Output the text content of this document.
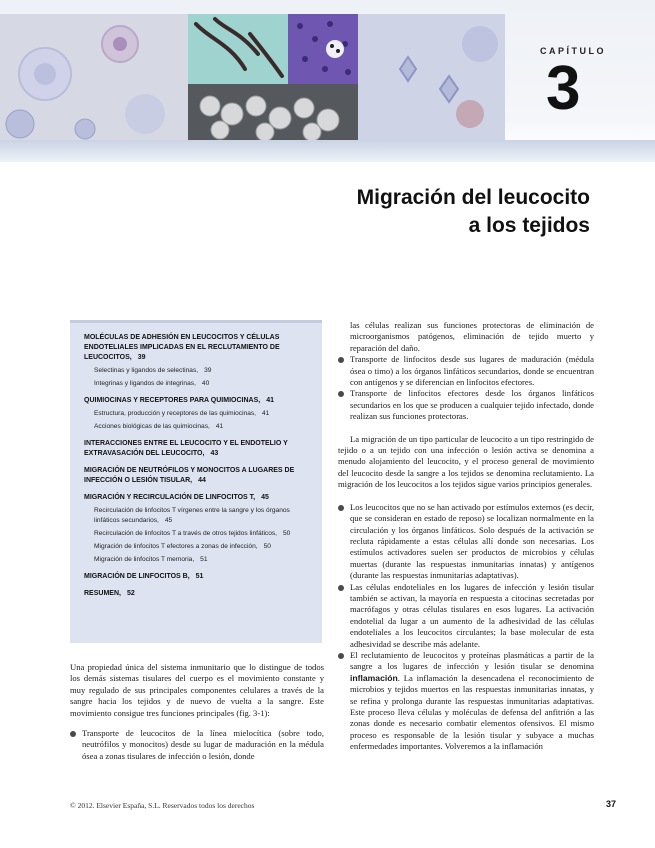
CAPÍTULO
3
Migración del leucocito
a los tejidos
MOLÉCULAS DE ADHESIÓN EN LEUCOCITOS Y CÉLULAS ENDOTELIALES IMPLICADAS EN EL RECLUTAMIENTO DE LEUCOCITOS, 39
Selectinas y ligandos de selectinas, 39
Integrinas y ligandos de integrinas, 40
QUIMIOCINAS Y RECEPTORES PARA QUIMIOCINAS, 41
Estructura, producción y receptores de las quimiocinas, 41
Acciones biológicas de las quimiocinas, 41
INTERACCIONES ENTRE EL LEUCOCITO Y EL ENDOTELIO Y EXTRAVASACIÓN DEL LEUCOCITO, 43
MIGRACIÓN DE NEUTRÓFILOS Y MONOCITOS A LUGARES DE INFECCIÓN O LESIÓN TISULAR, 44
MIGRACIÓN Y RECIRCULACIÓN DE LINFOCITOS T, 45
Recirculación de linfocitos T vírgenes entre la sangre y los órganos linfáticos secundarios, 45
Recirculación de linfocitos T a través de otros tejidos linfáticos, 50
Migración de linfocitos T efectores a zonas de infección, 50
Migración de linfocitos T memoria, 51
MIGRACIÓN DE LINFOCITOS B, 51
RESUMEN, 52

Una propiedad única del sistema inmunitario que lo distingue de todos los demás sistemas tisulares del cuerpo es el movimiento constante y muy regulado de sus principales componentes celulares a través de la sangre hacia los tejidos y de nuevo de vuelta a la sangre. Este movimiento consigue tres funciones principales (fig. 3-1):

Transporte de leucocitos de la línea mielocítica (sobre todo, neutrófilos y monocitos) desde su lugar de maduración en la médula ósea a zonas tisulares de infección o lesión, donde

las células realizan sus funciones protectoras de eliminación de microorganismos patógenos, eliminación de tejido muerto y reparación del daño.

Transporte de linfocitos desde sus lugares de maduración (médula ósea o timo) a los órganos linfáticos secundarios, donde se encuentran con antígenos y se diferencian en linfocitos efectores.
Transporte de linfocitos efectores desde los órganos linfáticos secundarios en los que se producen a cualquier tejido infectado, donde realizan sus funciones protectoras.

La migración de un tipo particular de leucocito a un tipo restringido de tejido o a un tejido con una infección o lesión activa se denomina a menudo alojamiento del leucocito, y el proceso general de movimiento del leucocito desde la sangre a los tejidos se denomina reclutamiento. La migración de los leucocitos a los tejidos sigue varios principios generales.

Los leucocitos que no se han activado por estímulos externos (es decir, que se consideran en estado de reposo) se localizan normalmente en la circulación y los órganos linfáticos. Solo después de la activación se recluta rápidamente a estas células allí donde son necesarias. Los estímulos activadores suelen ser productos de microbios y células muertas (durante las respuestas inmunitarias innatas) y antígenos (durante las respuestas inmunitarias adaptativas).
Las células endoteliales en los lugares de infección y lesión tisular también se activan, la mayoría en respuesta a citocinas secretadas por macrófagos y otras células tisulares en esos lugares. La activación endotelial da lugar a un aumento de la adhesividad de las células endoteliales a los leucocitos circulantes; la base molecular de esta adhesividad se describe más adelante.
El reclutamiento de leucocitos y proteínas plasmáticas a partir de la sangre a los lugares de infección y lesión tisular se denomina inflamación. La inflamación la desencadena el reconocimiento de microbios y tejidos muertos en las respuestas inmunitarias innatas, y se refina y prolonga durante las respuestas inmunitarias adaptativas. Este proceso lleva células y moléculas de defensa del anfitrión a las zonas donde es necesario combatir elementos ofensivos. El mismo proceso es responsable de la lesión tisular y subyace a muchas enfermedades importantes. Volveremos a la inflamación
© 2012. Elsevier España, S.L. Reservados todos los derechos	37
